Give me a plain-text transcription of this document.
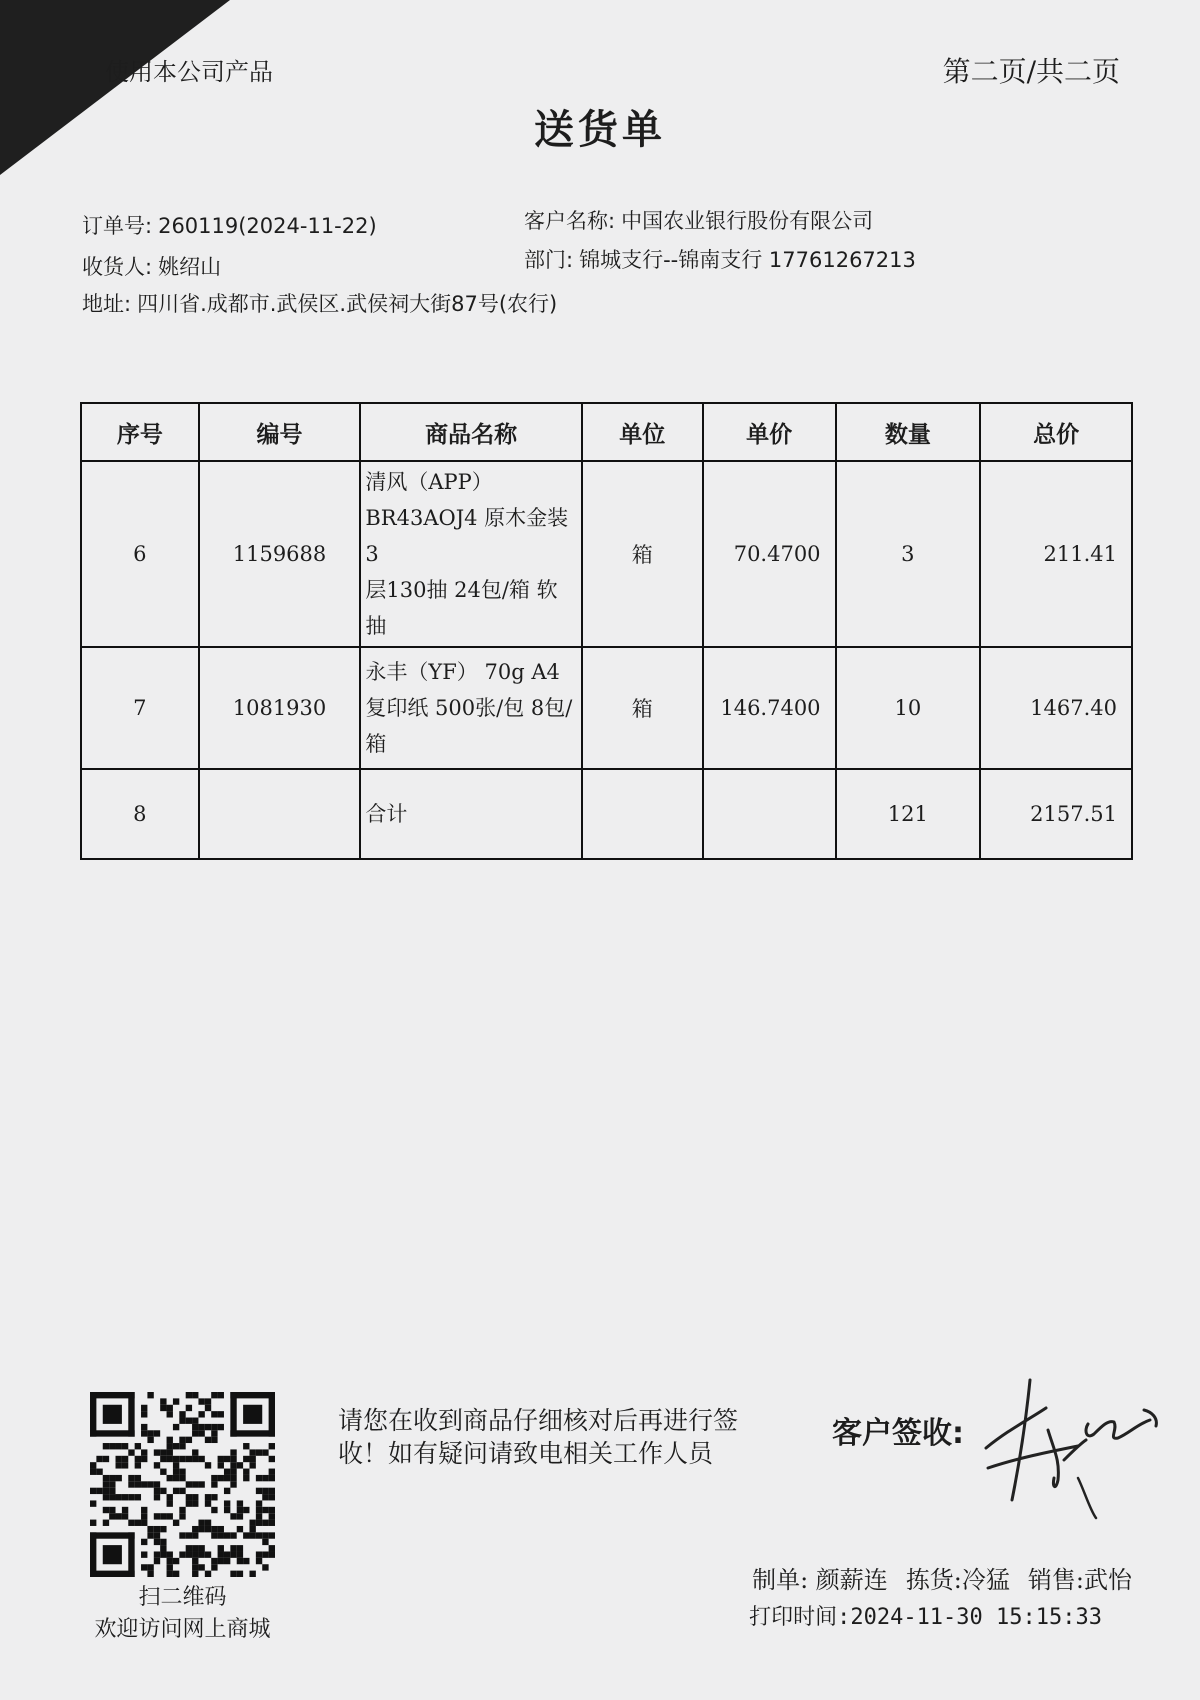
使用本公司产品	第二页/共二页
送货单
订单号: 260119(2024-11-22)	客户名称: 中国农业银行股份有限公司
收货人: 姚绍山	部门: 锦城支行--锦南支行 17761267213
地址: 四川省.成都市.武侯区.武侯祠大街87号(农行)
序号	编号	商品名称	单位	单价	数量	总价
6	1159688	清风（APP）
BR43AOJ4 原木金装3
层130抽 24包/箱 软抽	箱	70.4700	3	211.41
7	1081930	永丰（YF） 70g A4
复印纸 500张/包 8包/
箱	箱	146.7400	10	1467.40
8		合计			121	2157.51
扫二维码
欢迎访问网上商城
请您在收到商品仔细核对后再进行签收！如有疑问请致电相关工作人员
客户签收:
制单: 颜薪连 拣货:冷猛 销售:武怡
打印时间:2024-11-30 15:15:33
